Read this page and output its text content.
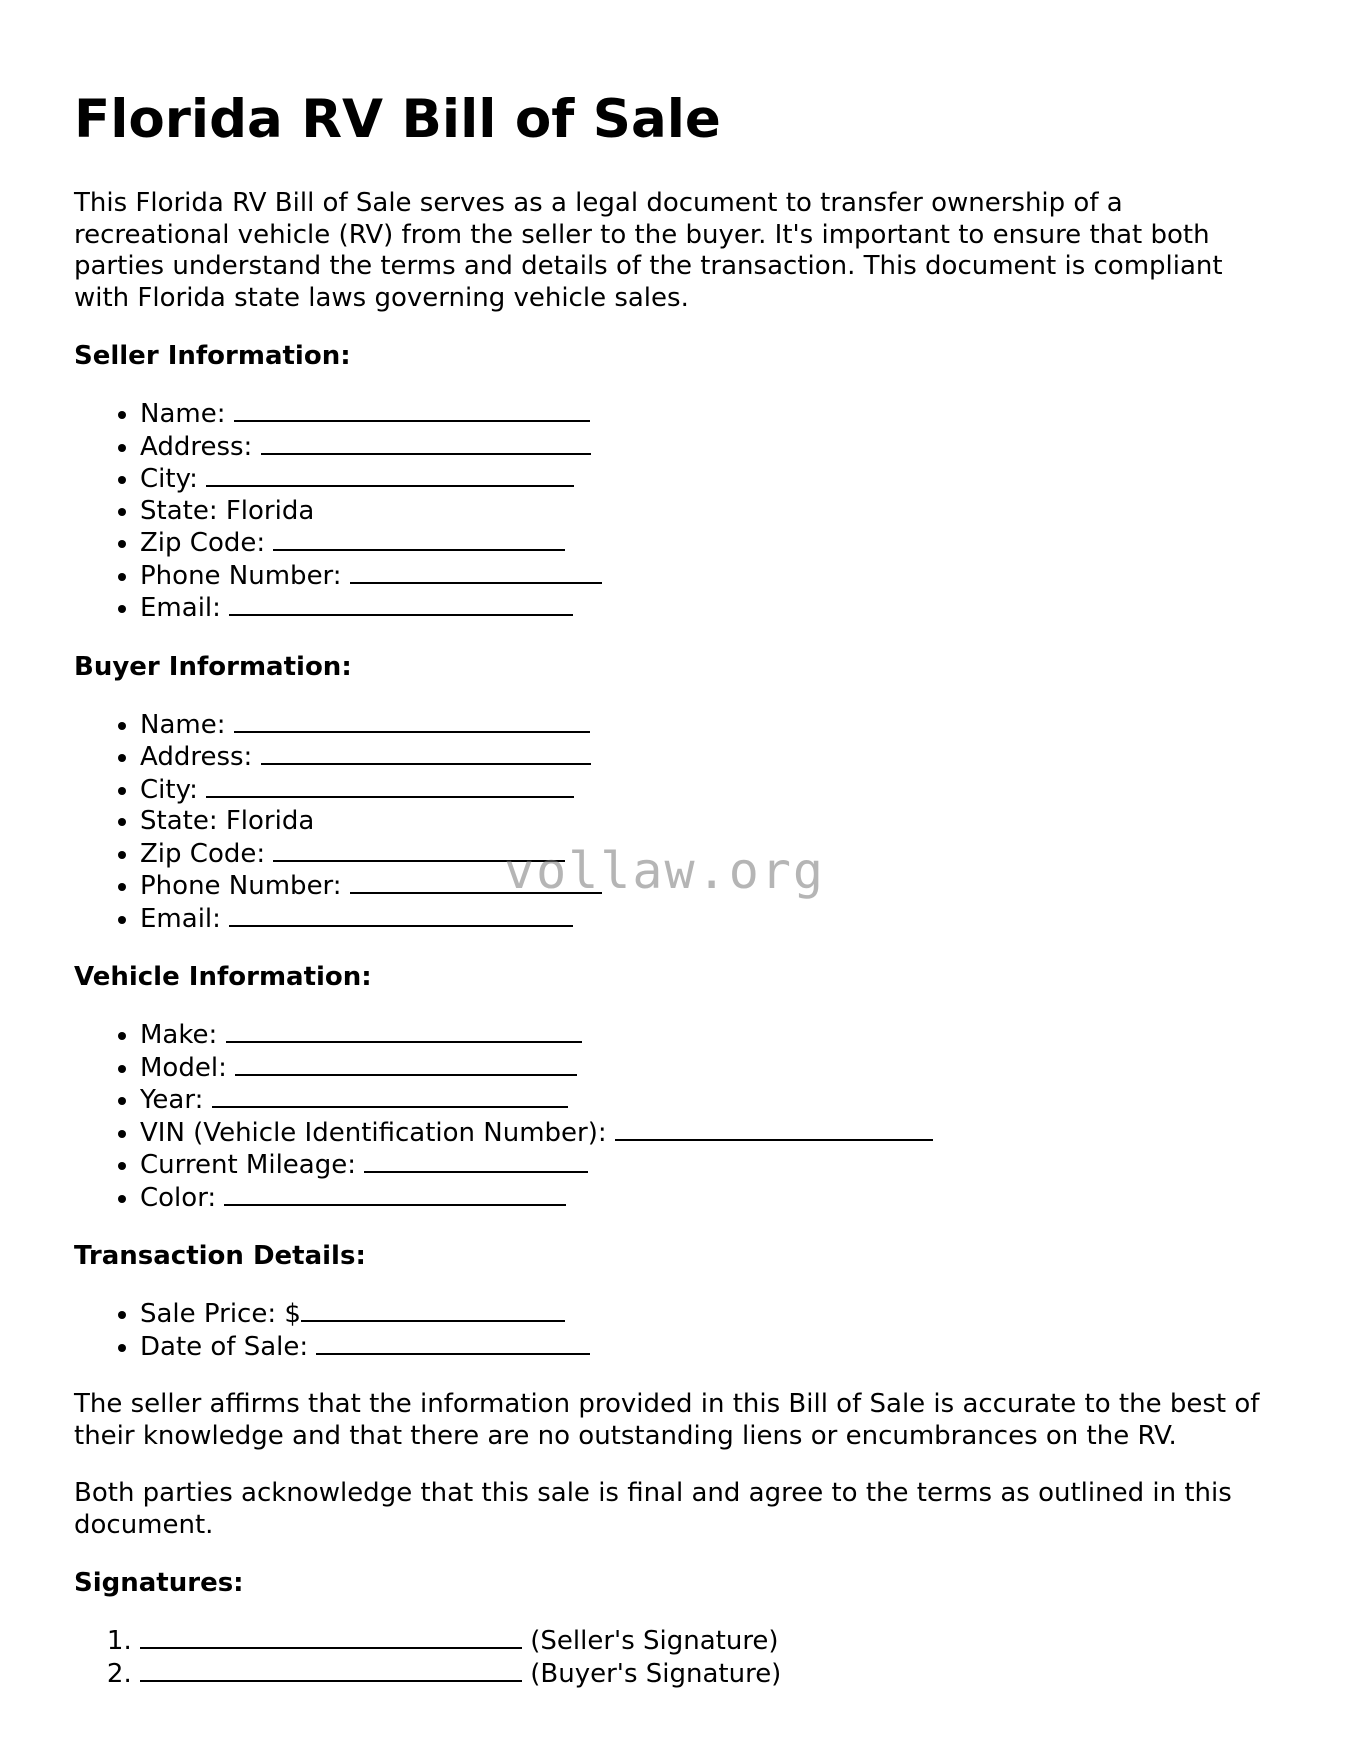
Florida RV Bill of Sale

This Florida RV Bill of Sale serves as a legal document to transfer ownership of a recreational vehicle (RV) from the seller to the buyer. It's important to ensure that both parties understand the terms and details of the transaction. This document is compliant with Florida state laws governing vehicle sales.

Seller Information:
• Name:
• Address:
• City:
• State: Florida
• Zip Code:
• Phone Number:
• Email:
Buyer Information:
• Name:
• Address:
• City:
• State: Florida
• Zip Code:
• Phone Number:
• Email:
Vehicle Information:
• Make:
• Model:
• Year:
• VIN (Vehicle Identification Number):
• Current Mileage:
• Color:
Transaction Details:
• Sale Price: $
• Date of Sale:

The seller affirms that the information provided in this Bill of Sale is accurate to the best of their knowledge and that there are no outstanding liens or encumbrances on the RV.

Both parties acknowledge that this sale is final and agree to the terms as outlined in this document.

Signatures:
1. (Seller's Signature)
2. (Buyer's Signature)
vollaw.org
